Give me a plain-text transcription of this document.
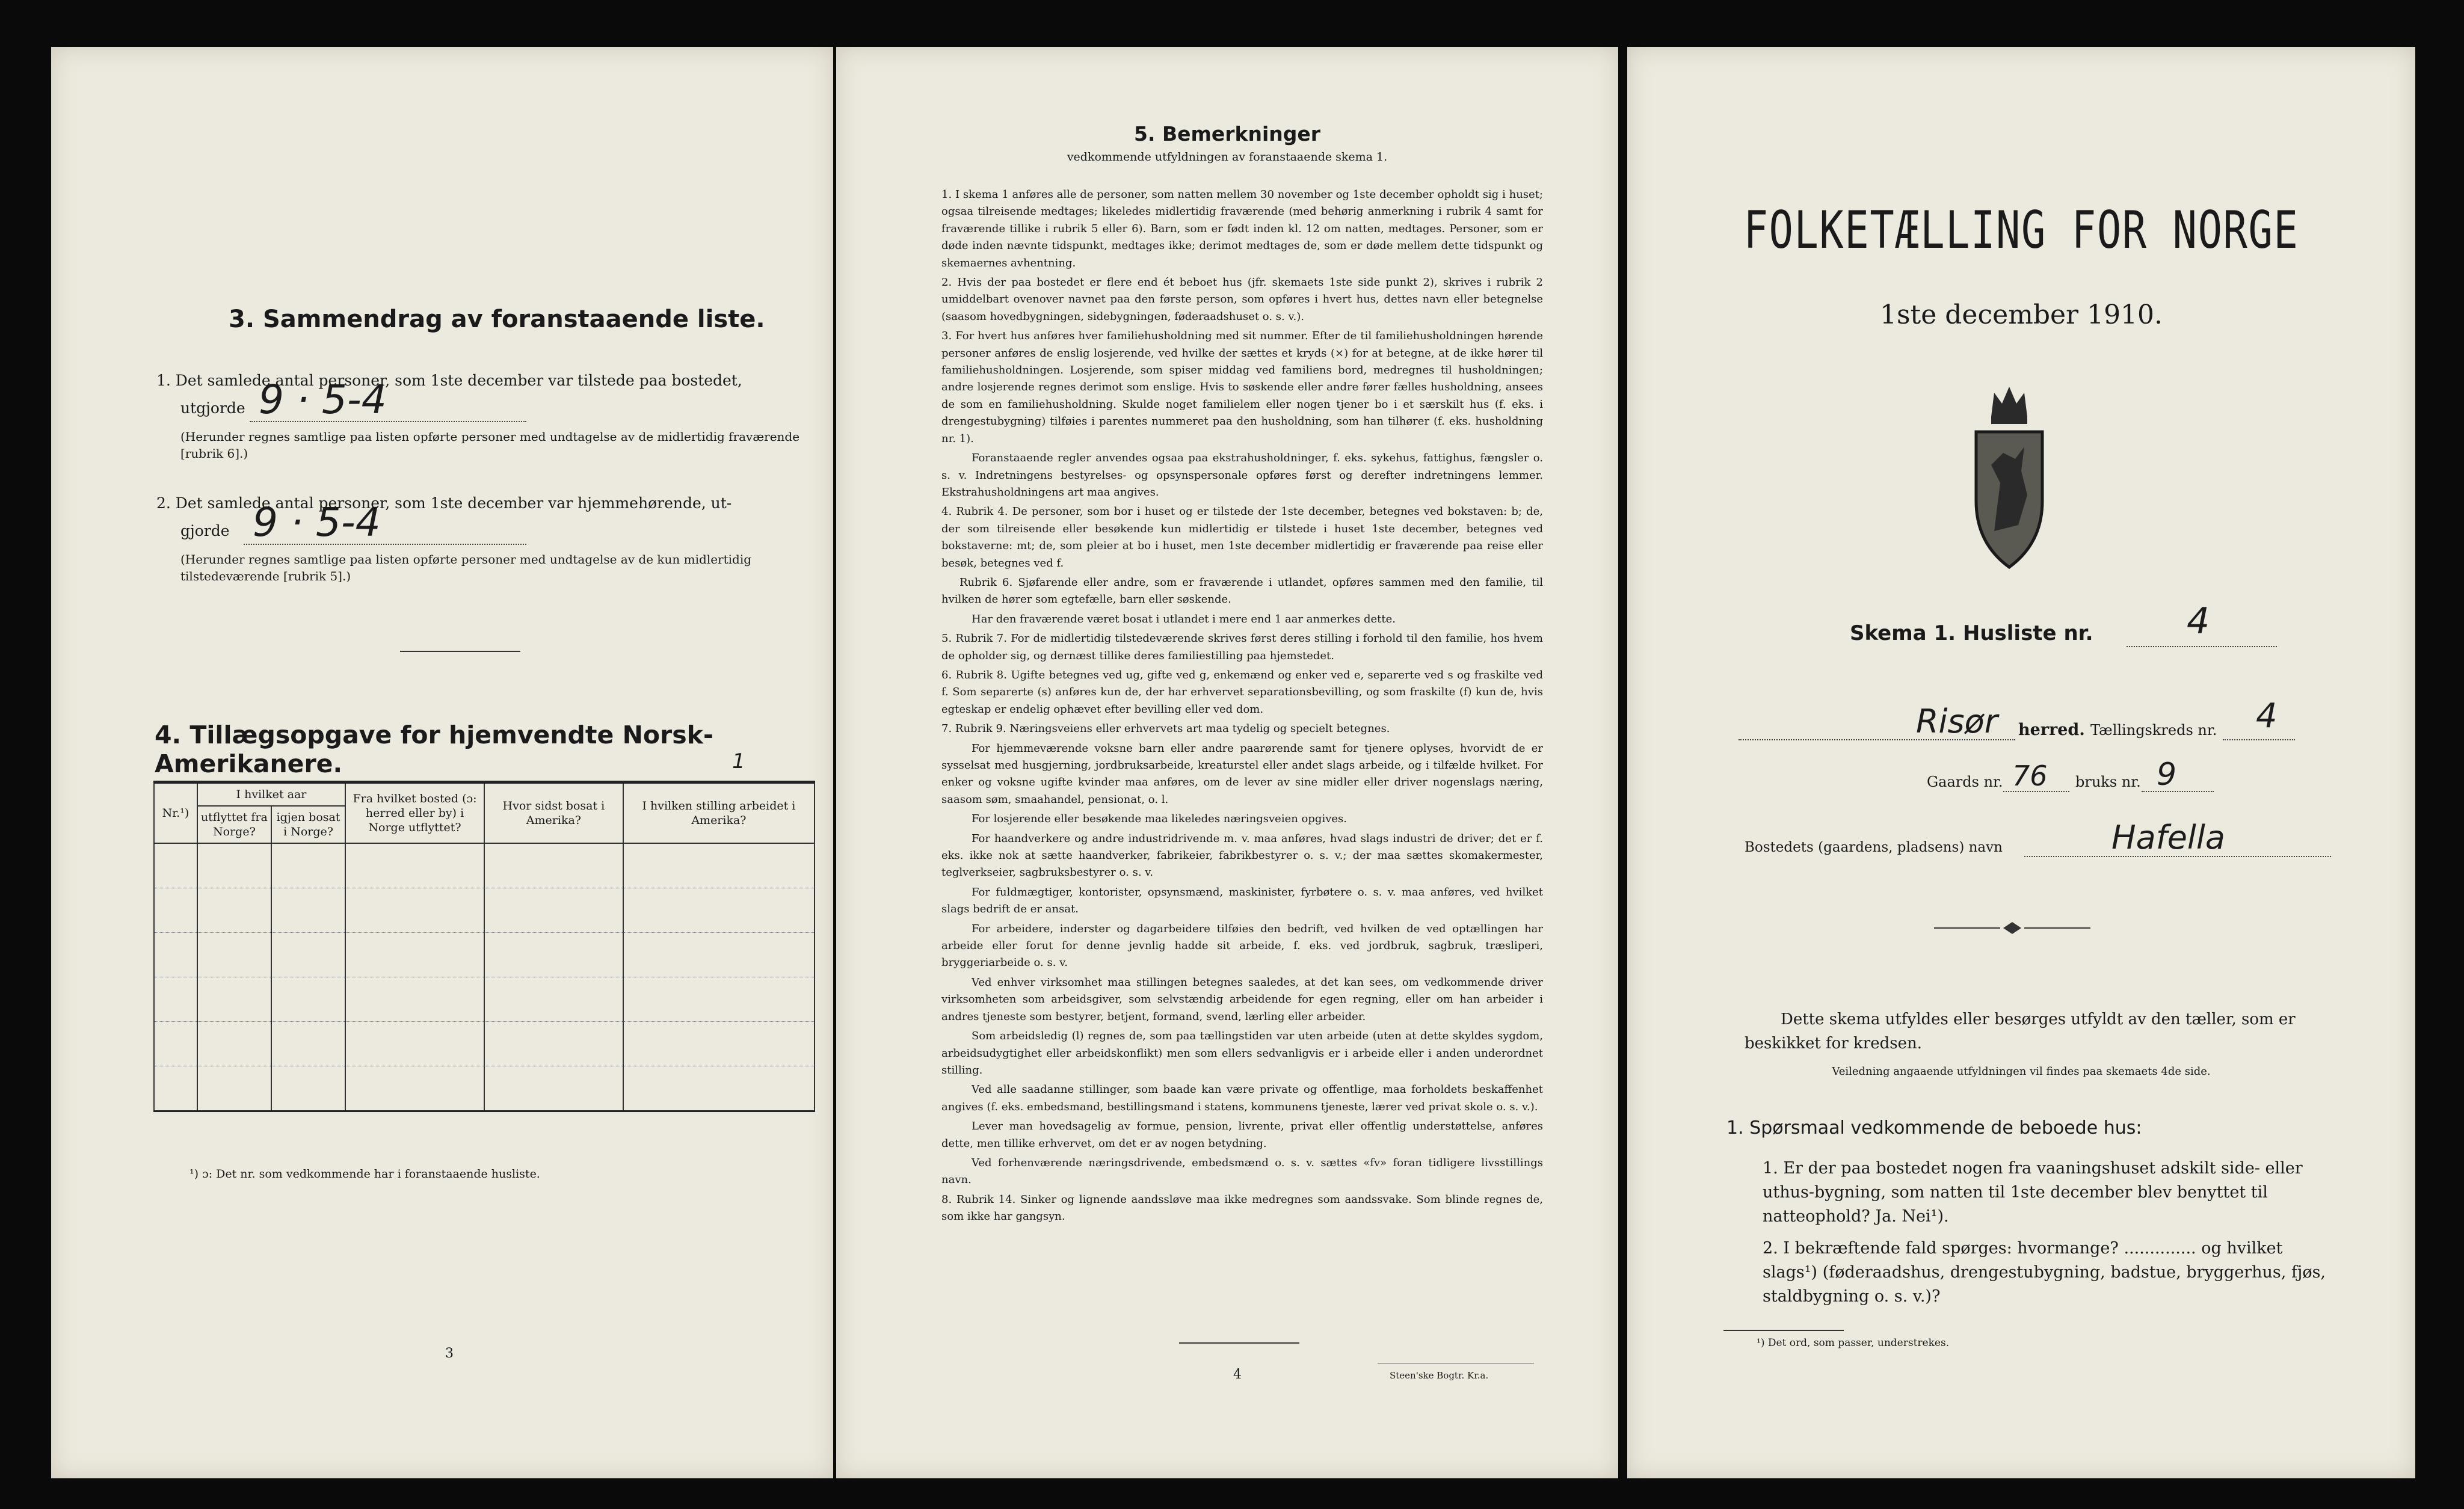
3. Sammendrag av foranstaaende liste.
1. Det samlede antal personer, som 1ste december var tilstede paa bostedet,
utgjorde 9 · 5-4
(Herunder regnes samtlige paa listen opførte personer med undtagelse av de midlertidig fraværende [rubrik 6].)
2. Det samlede antal personer, som 1ste december var hjemmehørende, ut-
gjorde 9 · 5-4
(Herunder regnes samtlige paa listen opførte personer med undtagelse av de kun midlertidig tilstedeværende [rubrik 5].)
4. Tillægsopgave for hjemvendte Norsk-Amerikanere.	1
Nr.¹)	I hvilket aar		Fra hvilket bosted (ɔ: herred eller by) i Norge utflyttet?	Hvor sidst bosat i Amerika?	I hvilken stilling arbeidet i Amerika?
	utflyttet fra Norge?	igjen bosat i Norge?			

¹) ɔ: Det nr. som vedkommende har i foranstaaende husliste.
3
5. Bemerkninger
vedkommende utfyldningen av foranstaaende skema 1.

1. I skema 1 anføres alle de personer, som natten mellem 30 november og 1ste december opholdt sig i huset; ogsaa tilreisende medtages; likeledes midlertidig fraværende (med behørig anmerkning i rubrik 4 samt for fraværende tillike i rubrik 5 eller 6). Barn, som er født inden kl. 12 om natten, medtages. Personer, som er døde inden nævnte tidspunkt, medtages ikke; derimot medtages de, som er døde mellem dette tidspunkt og skemaernes avhentning.

2. Hvis der paa bostedet er flere end ét beboet hus (jfr. skemaets 1ste side punkt 2), skrives i rubrik 2 umiddelbart ovenover navnet paa den første person, som opføres i hvert hus, dettes navn eller betegnelse (saasom hovedbygningen, sidebygningen, føderaadshuset o. s. v.).

3. For hvert hus anføres hver familiehusholdning med sit nummer. Efter de til familiehusholdningen hørende personer anføres de enslig losjerende, ved hvilke der sættes et kryds (×) for at betegne, at de ikke hører til familiehusholdningen. Losjerende, som spiser middag ved familiens bord, medregnes til husholdningen; andre losjerende regnes derimot som enslige. Hvis to søskende eller andre fører fælles husholdning, ansees de som en familiehusholdning. Skulde noget familielem eller nogen tjener bo i et særskilt hus (f. eks. i drengestubygning) tilføies i parentes nummeret paa den husholdning, som han tilhører (f. eks. husholdning nr. 1).

Foranstaaende regler anvendes ogsaa paa ekstrahusholdninger, f. eks. sykehus, fattighus, fængsler o. s. v. Indretningens bestyrelses- og opsynspersonale opføres først og derefter indretningens lemmer. Ekstrahusholdningens art maa angives.

4. Rubrik 4. De personer, som bor i huset og er tilstede der 1ste december, betegnes ved bokstaven: b; de, der som tilreisende eller besøkende kun midlertidig er tilstede i huset 1ste december, betegnes ved bokstaverne: mt; de, som pleier at bo i huset, men 1ste december midlertidig er fraværende paa reise eller besøk, betegnes ved f.

Rubrik 6. Sjøfarende eller andre, som er fraværende i utlandet, opføres sammen med den familie, til hvilken de hører som egtefælle, barn eller søskende.

Har den fraværende været bosat i utlandet i mere end 1 aar anmerkes dette.

5. Rubrik 7. For de midlertidig tilstedeværende skrives først deres stilling i forhold til den familie, hos hvem de opholder sig, og dernæst tillike deres familiestilling paa hjemstedet.

6. Rubrik 8. Ugifte betegnes ved ug, gifte ved g, enkemænd og enker ved e, separerte ved s og fraskilte ved f. Som separerte (s) anføres kun de, der har erhvervet separationsbevilling, og som fraskilte (f) kun de, hvis egteskap er endelig ophævet efter bevilling eller ved dom.

7. Rubrik 9. Næringsveiens eller erhvervets art maa tydelig og specielt betegnes.

For hjemmeværende voksne barn eller andre paarørende samt for tjenere oplyses, hvorvidt de er sysselsat med husgjerning, jordbruksarbeide, kreaturstel eller andet slags arbeide, og i tilfælde hvilket. For enker og voksne ugifte kvinder maa anføres, om de lever av sine midler eller driver nogenslags næring, saasom søm, smaahandel, pensionat, o. l.

For losjerende eller besøkende maa likeledes næringsveien opgives.

For haandverkere og andre industridrivende m. v. maa anføres, hvad slags industri de driver; det er f. eks. ikke nok at sætte haandverker, fabrikeier, fabrikbestyrer o. s. v.; der maa sættes skomakermester, teglverkseier, sagbruksbestyrer o. s. v.

For fuldmægtiger, kontorister, opsynsmænd, maskinister, fyrbøtere o. s. v. maa anføres, ved hvilket slags bedrift de er ansat.

For arbeidere, inderster og dagarbeidere tilføies den bedrift, ved hvilken de ved optællingen har arbeide eller forut for denne jevnlig hadde sit arbeide, f. eks. ved jordbruk, sagbruk, træsliperi, bryggeriarbeide o. s. v.

Ved enhver virksomhet maa stillingen betegnes saaledes, at det kan sees, om vedkommende driver virksomheten som arbeidsgiver, som selvstændig arbeidende for egen regning, eller om han arbeider i andres tjeneste som bestyrer, betjent, formand, svend, lærling eller arbeider.

Som arbeidsledig (l) regnes de, som paa tællingstiden var uten arbeide (uten at dette skyldes sygdom, arbeidsudygtighet eller arbeidskonflikt) men som ellers sedvanligvis er i arbeide eller i anden underordnet stilling.

Ved alle saadanne stillinger, som baade kan være private og offentlige, maa forholdets beskaffenhet angives (f. eks. embedsmand, bestillingsmand i statens, kommunens tjeneste, lærer ved privat skole o. s. v.).

Lever man hovedsagelig av formue, pension, livrente, privat eller offentlig understøttelse, anføres dette, men tillike erhvervet, om det er av nogen betydning.

Ved forhenværende næringsdrivende, embedsmænd o. s. v. sættes «fv» foran tidligere livsstillings navn.

8. Rubrik 14. Sinker og lignende aandssløve maa ikke medregnes som aandssvake. Som blinde regnes de, som ikke har gangsyn.

4	Steen'ske Bogtr. Kr.a.
FOLKETÆLLING FOR NORGE
1ste december 1910.
Skema 1. Husliste nr.	4
Risør herred. Tællingskreds nr. 4
Gaards nr. 76 bruks nr. 9
Bostedets (gaardens, pladsens) navn	Hafella
Dette skema utfyldes eller besørges utfyldt av den tæller, som er beskikket for kredsen.
Veiledning angaaende utfyldningen vil findes paa skemaets 4de side.
1. Spørsmaal vedkommende de beboede hus:
1. Er der paa bostedet nogen fra vaaningshuset adskilt side- eller uthus-bygning, som natten til 1ste december blev benyttet til natteophold? Ja. Nei¹).
2. I bekræftende fald spørges: hvormange? .............. og hvilket slags¹) (føderaadshus, drengestubygning, badstue, bryggerhus, fjøs, staldbygning o. s. v.)?
¹) Det ord, som passer, understrekes.
